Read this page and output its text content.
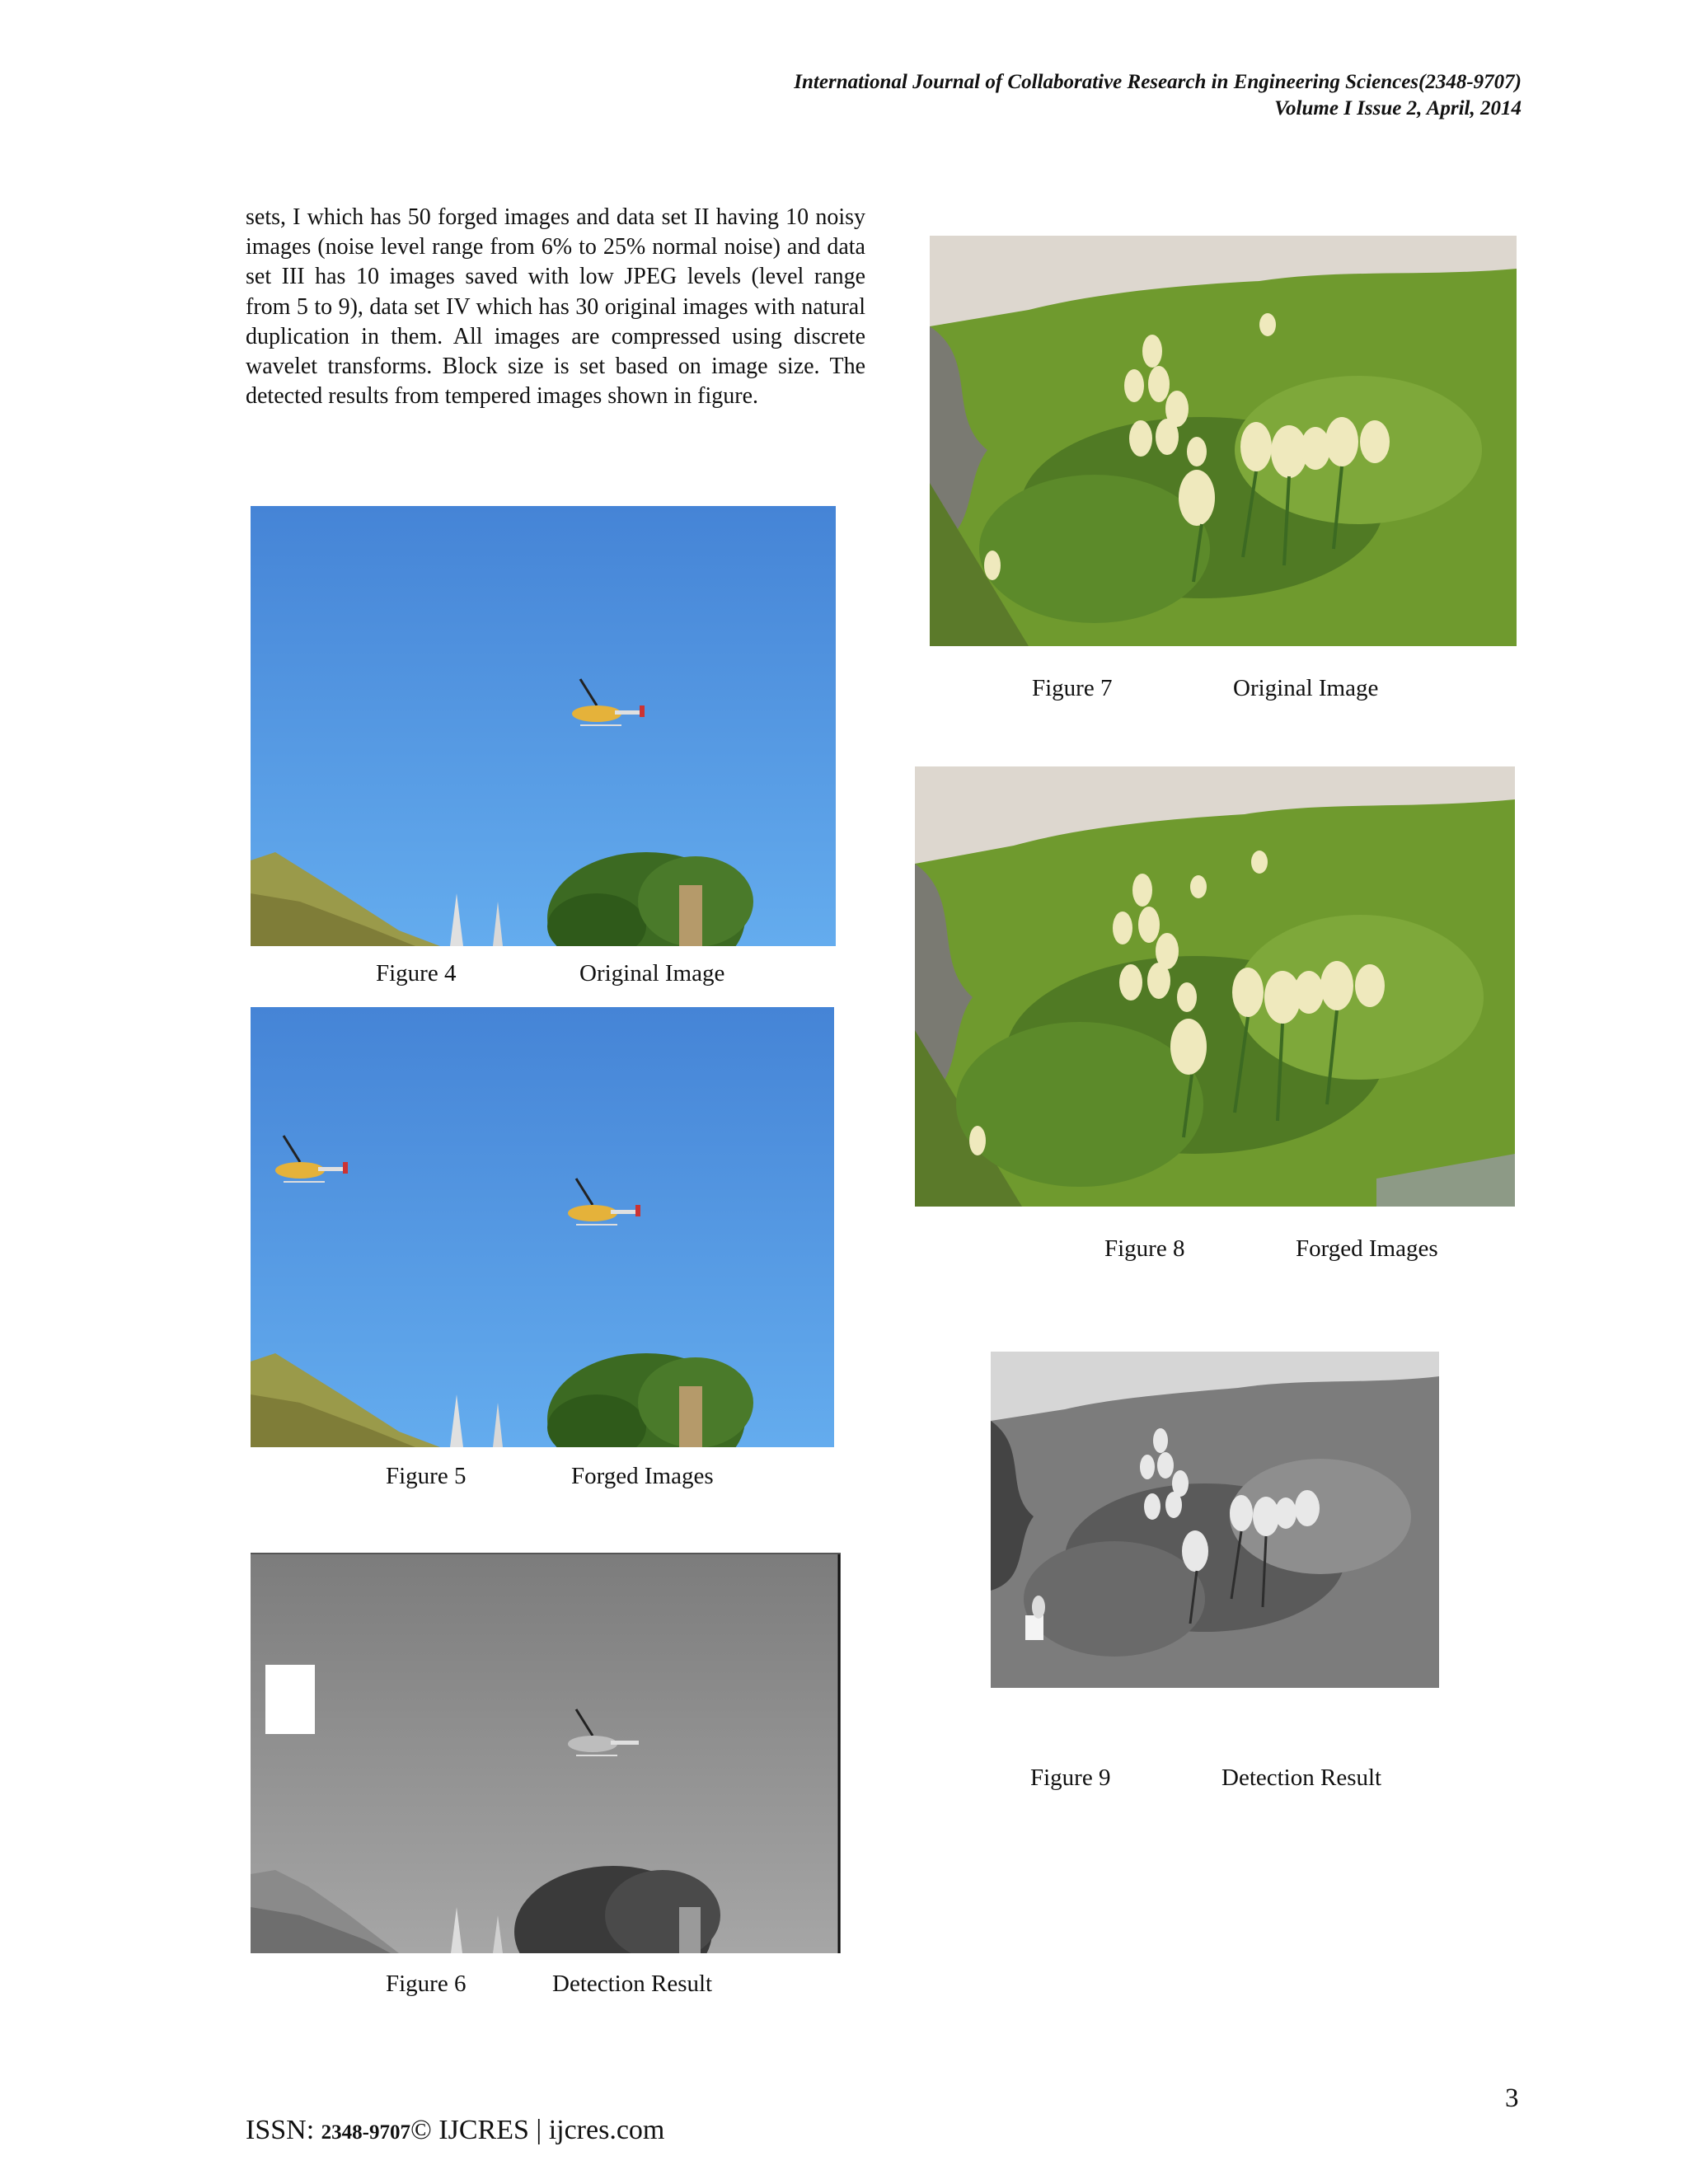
International Journal of Collaborative Research in Engineering Sciences(2348-9707)
Volume I Issue 2, April, 2014

sets, I which has 50 forged images and data set II having 10 noisy images (noise level range from 6% to 25% normal noise) and data set III has 10 images saved with low JPEG levels (level range from 5 to 9), data set IV which has 30 original images with natural duplication in them. All images are compressed using discrete wavelet transforms. Block size is set based on image size. The detected results from tempered images shown in figure.

Figure 4	Original Image
Figure 5	Forged Images
Figure 6	Detection Result
Figure 7	Original Image
Figure 8	Forged Images
Figure 9	Detection Result
3
ISSN: 2348-9707© IJCRES | ijcres.com
